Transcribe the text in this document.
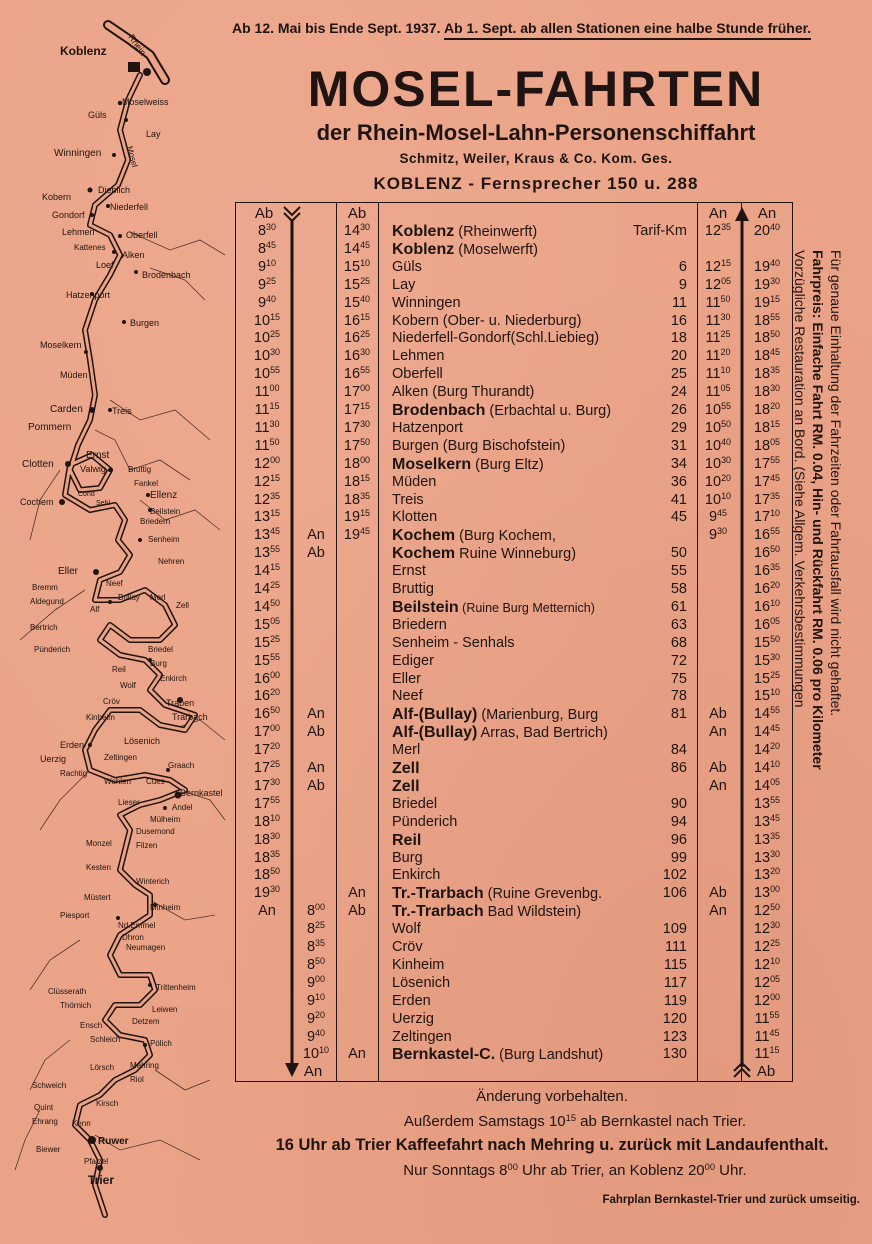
Koblenz Rhein
Mosel
Güls
Moselweiss
Lay
Winningen
Kobern
Dieblich
Gondorf
Niederfell
Lehmen	Oberfell
Kattenes
Alken
Loef
Brodenbach
Hatzenport
Burgen
Moselkern
Müden
Carden	Treis
Pommern
Ernst
Clotten	Valwig	Bruttig
Fankel
Cochem
Cond
Sehl
Ellenz
Beilstein
Briedern
Senheim
Nehren
Eller
Bremm
Aldegund
Neef
Bullay Merl
Zell
Alf
Bertrich
Pünderich	Briedel
Reil
Burg
Enkirch
Wolf
Cröv	Traben
Trarbach
Kinheim
Lösenich
Erden
Zeltingen
Uerzig
Rachtig
Graach
Wehlen Cues
Bernkastel
Lieser
Andel
Mülheim
Dusemond
Monzel	Filzen
Kesten
Winterich
Müstert
Minheim
Piesport
Nd.Emmel
Dhron
Neumagen
Trittenheim
Clüsserath
Leiwen
Thörnich
Ensch	Detzem
Schleich	Pölich
Lörsch Mehring
Riol
Schweich
Quint	Kirsch
Ehrang Kenn
Ruwer
Biewer
Pfalzel
Trier
Ab 12. Mai bis Ende Sept. 1937. Ab 1. Sept. ab allen Stationen eine halbe Stunde früher.
MOSEL-FAHRTEN
der Rhein-Mosel-Lahn-Personenschiffahrt
Schmitz, Weiler, Kraus & Co. Kom. Ges.
KOBLENZ - Fernsprecher 150 u. 288
Ab	Ab	An	An
$8^{30}$	$14^{30}$	Koblenz (Rheinwerft)	Tarif-Km	$12^{35}$	$20^{40}$
$8^{45}$	$14^{45}$	Koblenz (Moselwerft)
$9^{10}$	$15^{10}$	Güls	6	$12^{15}$	$19^{40}$
$9^{25}$	$15^{25}$	Lay	9	$12^{05}$	$19^{30}$
$9^{40}$	$15^{40}$	Winningen	11	$11^{50}$	$19^{15}$
$10^{15}$	$16^{15}$	Kobern (Ober- u. Niederburg)	16	$11^{30}$	$18^{55}$
$10^{25}$	$16^{25}$	Niederfell-Gondorf(Schl.Liebieg)	18	$11^{25}$	$18^{50}$
$10^{30}$	$16^{30}$	Lehmen	20	$11^{20}$	$18^{45}$
$10^{55}$	$16^{55}$	Oberfell	25	$11^{10}$	$18^{35}$
$11^{00}$	$17^{00}$	Alken (Burg Thurandt)	24	$11^{05}$	$18^{30}$
$11^{15}$	$17^{15}$	Brodenbach (Erbachtal u. Burg)	26	$10^{55}$	$18^{20}$
$11^{30}$	$17^{30}$	Hatzenport	29	$10^{50}$	$18^{15}$
$11^{50}$	$17^{50}$	Burgen (Burg Bischofstein)	31	$10^{40}$	$18^{05}$
$12^{00}$	$18^{00}$	Moselkern (Burg Eltz)	34	$10^{30}$	$17^{55}$
$12^{15}$	$18^{15}$	Müden	36	$10^{20}$	$17^{45}$
$12^{35}$	$18^{35}$	Treis	41	$10^{10}$	$17^{35}$
$13^{15}$	$19^{15}$	Klotten	45	$9^{45}$	$17^{10}$
$13^{45}$	An	$19^{45}$	Kochem (Burg Kochem,	$9^{30}$	$16^{55}$
$13^{55}$	Ab	Kochem Ruine Winneburg)	50	$16^{50}$
$14^{15}$	Ernst	55	$16^{35}$
$14^{25}$	Bruttig	58	$16^{20}$
$14^{50}$	Beilstein (Ruine Burg Metternich)	61	$16^{10}$
$15^{05}$	Briedern	63	$16^{05}$
$15^{25}$	Senheim - Senhals	68	$15^{50}$
$15^{55}$	Ediger	72	$15^{30}$
$16^{00}$	Eller	75	$15^{25}$
$16^{20}$	Neef	78	$15^{10}$
$16^{50}$	An	Alf-(Bullay) (Marienburg, Burg	81	Ab	$14^{55}$
$17^{00}$	Ab	Alf-(Bullay) Arras, Bad Bertrich)	An	$14^{45}$
$17^{20}$	Merl	84	$14^{20}$
$17^{25}$	An	Zell	86	Ab	$14^{10}$
$17^{30}$	Ab	Zell	An	$14^{05}$
$17^{55}$	Briedel	90	$13^{55}$
$18^{10}$	Pünderich	94	$13^{45}$
$18^{30}$	Reil	96	$13^{35}$
$18^{35}$	Burg	99	$13^{30}$
$18^{50}$	Enkirch	102	$13^{20}$
$19^{30}$	An	Tr.-Trarbach (Ruine Grevenbg.	106	Ab	$13^{00}$
An	$8^{00}$	Ab	Tr.-Trarbach Bad Wildstein)	An	$12^{50}$
$8^{25}$	Wolf	109	$12^{30}$
$8^{35}$	Cröv	111	$12^{25}$
$8^{50}$	Kinheim	115	$12^{10}$
$9^{00}$	Lösenich	117	$12^{05}$
$9^{10}$	Erden	119	$12^{00}$
$9^{20}$	Uerzig	120	$11^{55}$
$9^{40}$	Zeltingen	123	$11^{45}$
$10^{10}$	An	Bernkastel-C. (Burg Landshut)	130	$11^{15}$
An	Ab
Für genaue Einhaltung der Fahrzeiten oder Fahrtausfall wird nicht gehaftet.
Fahrpreis: Einfache Fahrt RM. 0.04, Hin- und Rückfahrt RM. 0.06 pro Kilometer
Vorzügliche Restauration an Bord. (Siehe Allgem. Verkehrsbestimmungen
Änderung vorbehalten.
Außerdem Samstags $10^{15}$ ab Bernkastel nach Trier.
16 Uhr ab Trier Kaffeefahrt nach Mehring u. zurück mit Landaufenthalt.
Nur Sonntags $8^{00}$ Uhr ab Trier, an Koblenz $20^{00}$ Uhr.
Fahrplan Bernkastel-Trier und zurück umseitig.
